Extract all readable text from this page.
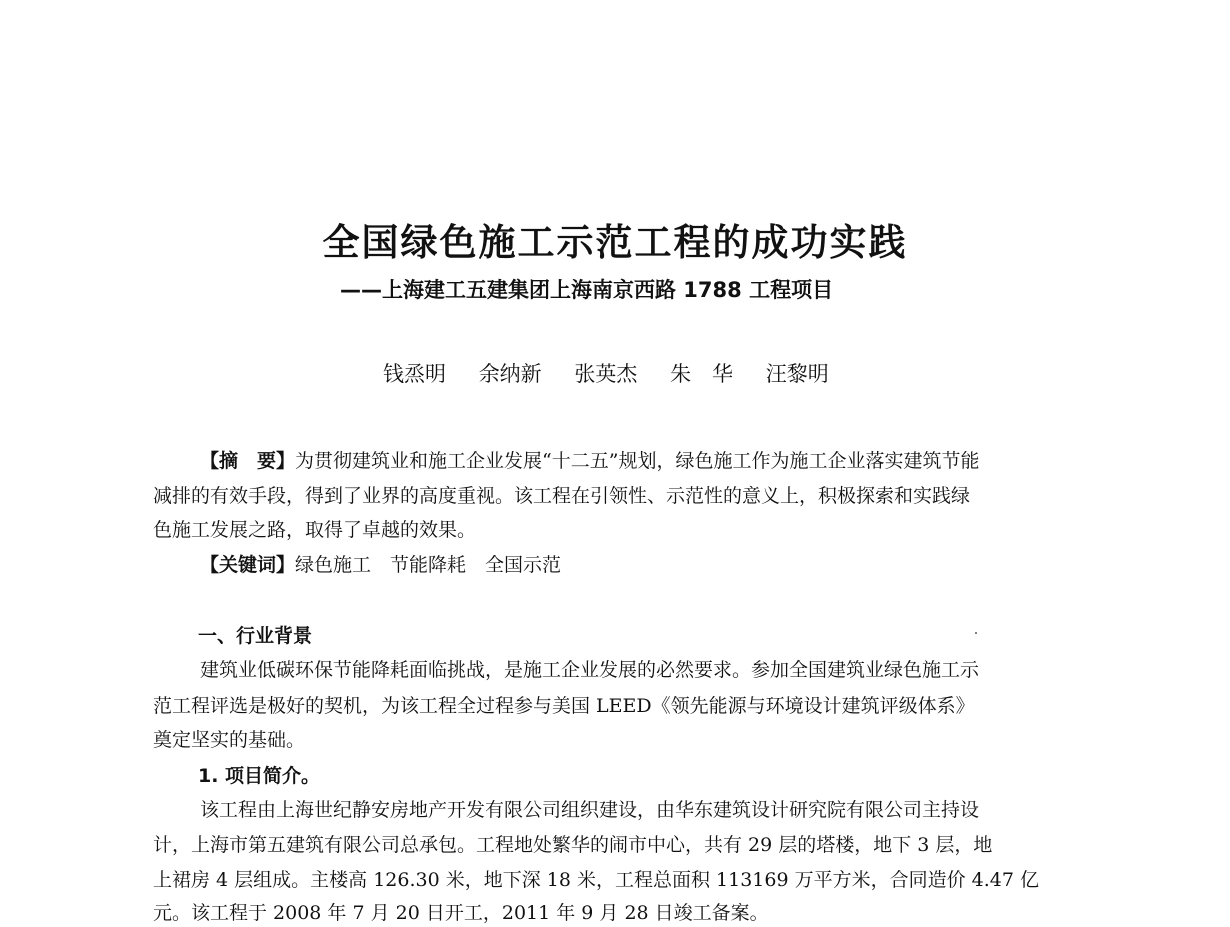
全国绿色施工示范工程的成功实践
——上海建工五建集团上海南京西路 1788 工程项目
钱烝明 余纳新 张英杰 朱　华 汪黎明
【摘　要】为贯彻建筑业和施工企业发展“十二五”规划，绿色施工作为施工企业落实建筑节能
减排的有效手段，得到了业界的高度重视。该工程在引领性、示范性的意义上，积极探索和实践绿
色施工发展之路，取得了卓越的效果。
【关键词】绿色施工　节能降耗　全国示范
一、行业背景
建筑业低碳环保节能降耗面临挑战，是施工企业发展的必然要求。参加全国建筑业绿色施工示
范工程评选是极好的契机，为该工程全过程参与美国 LEED《领先能源与环境设计建筑评级体系》
奠定坚实的基础。
1. 项目简介。
该工程由上海世纪静安房地产开发有限公司组织建设，由华东建筑设计研究院有限公司主持设
计，上海市第五建筑有限公司总承包。工程地处繁华的闹市中心，共有 29 层的塔楼，地下 3 层，地
上裙房 4 层组成。主楼高 126.30 米，地下深 18 米，工程总面积 113169 万平方米，合同造价 4.47 亿
元。该工程于 2008 年 7 月 20 日开工，2011 年 9 月 28 日竣工备案。
